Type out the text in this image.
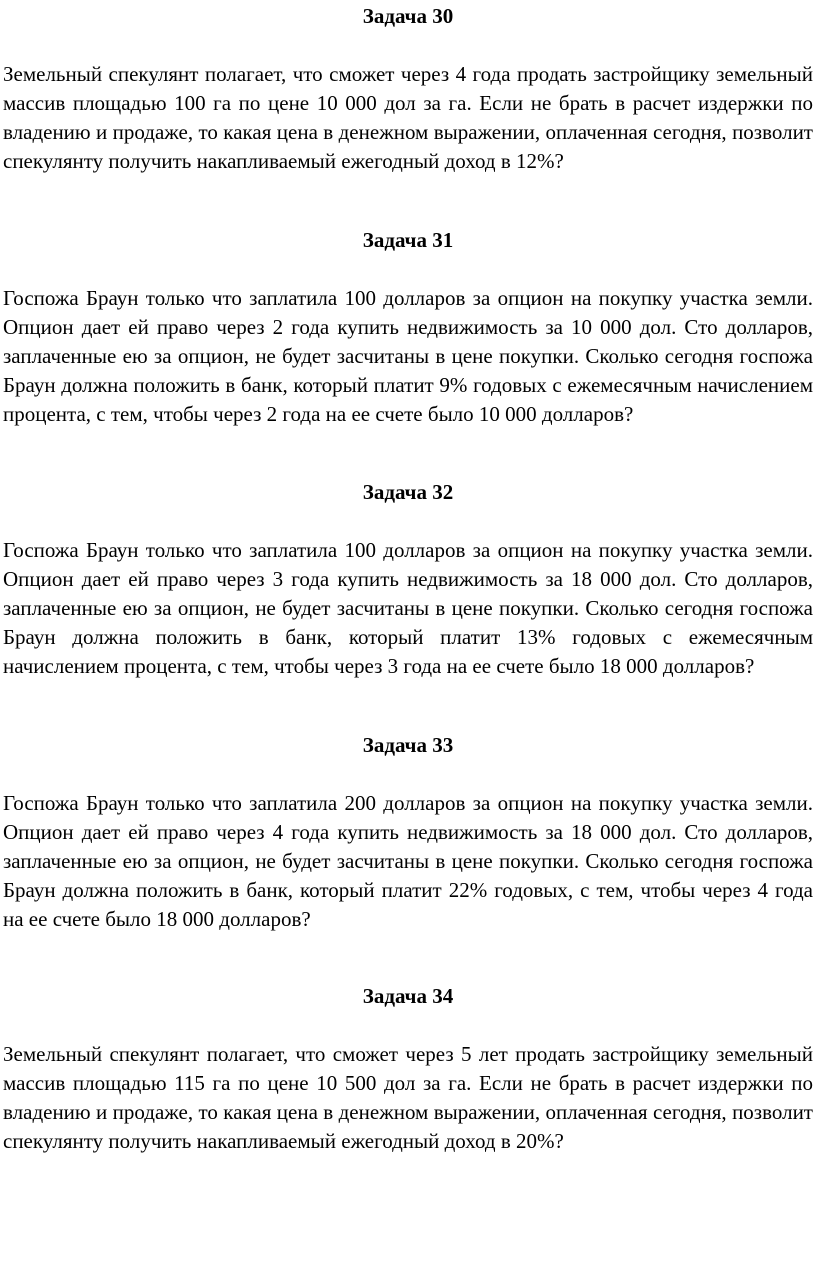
Задача 30

Земельный спекулянт полагает, что сможет через 4 года продать застройщику земельный массив площадью 100 га по цене 10 000 дол за га. Если не брать в расчет издержки по владению и продаже, то какая цена в денежном выражении, оплаченная сегодня, позволит спекулянту получить накапливаемый ежегодный доход в 12%?

Задача 31

Госпожа Браун только что заплатила 100 долларов за опцион на покупку участка земли. Опцион дает ей право через 2 года купить недвижимость за 10 000 дол. Сто долларов, заплаченные ею за опцион, не будет засчитаны в цене покупки. Сколько сегодня госпожа Браун должна положить в банк, который платит 9% годовых с ежемесячным начислением процента, с тем, чтобы через 2 года на ее счете было 10 000 долларов?

Задача 32

Госпожа Браун только что заплатила 100 долларов за опцион на покупку участка земли. Опцион дает ей право через 3 года купить недвижимость за 18 000 дол. Сто долларов, заплаченные ею за опцион, не будет засчитаны в цене покупки. Сколько сегодня госпожа Браун должна положить в банк, который платит 13% годовых с ежемесячным начислением процента, с тем, чтобы через 3 года на ее счете было 18 000 долларов?

Задача 33

Госпожа Браун только что заплатила 200 долларов за опцион на покупку участка земли. Опцион дает ей право через 4 года купить недвижимость за 18 000 дол. Сто долларов, заплаченные ею за опцион, не будет засчитаны в цене покупки. Сколько сегодня госпожа Браун должна положить в банк, который платит 22% годовых, с тем, чтобы через 4 года на ее счете было 18 000 долларов?

Задача 34

Земельный спекулянт полагает, что сможет через 5 лет продать застройщику земельный массив площадью 115 га по цене 10 500 дол за га. Если не брать в расчет издержки по владению и продаже, то какая цена в денежном выражении, оплаченная сегодня, позволит спекулянту получить накапливаемый ежегодный доход в 20%?
